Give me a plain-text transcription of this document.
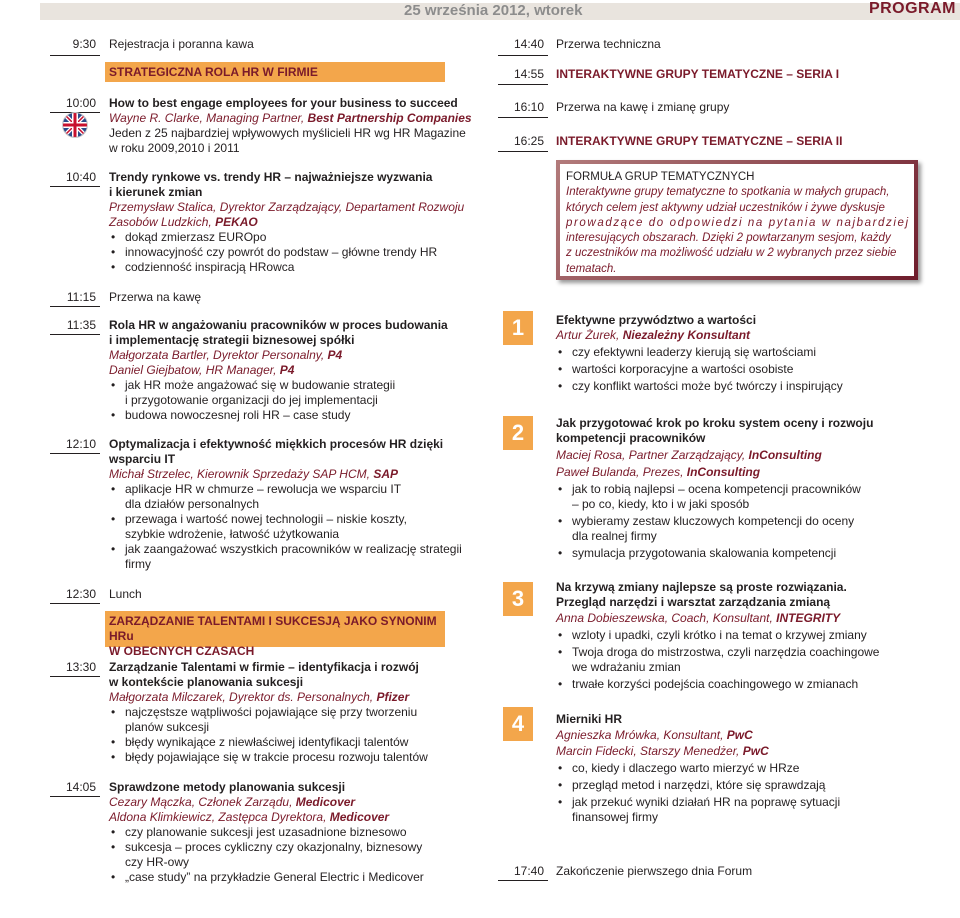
25 września 2012, wtorek	PROGRAM
9:30 Rejestracja i poranna kawa
STRATEGICZNA ROLA HR W FIRMIE
10:00 How to best engage employees for your business to succeed
Wayne R. Clarke, Managing Partner, Best Partnership Companies
Jeden z 25 najbardziej wpływowych myślicieli HR wg HR Magazine
w roku 2009,2010 i 2011
10:40 Trendy rynkowe vs. trendy HR – najważniejsze wyzwania
i kierunek zmian
Przemysław Stalica, Dyrektor Zarządzający, Departament Rozwoju
Zasobów Ludzkich, PEKAO
• dokąd zmierzasz EUROpo
• innowacyjność czy powrót do podstaw – główne trendy HR
• codzienność inspiracją HRowca
11:15 Przerwa na kawę
11:35 Rola HR w angażowaniu pracowników w proces budowania
i implementację strategii biznesowej spółki
Małgorzata Bartler, Dyrektor Personalny, P4
Daniel Giejbatow, HR Manager, P4
• jak HR może angażować się w budowanie strategii
i przygotowanie organizacji do jej implementacji
• budowa nowoczesnej roli HR – case study
12:10 Optymalizacja i efektywność miękkich procesów HR dzięki
wsparciu IT
Michał Strzelec, Kierownik Sprzedaży SAP HCM, SAP
• aplikacje HR w chmurze – rewolucja we wsparciu IT
dla działów personalnych
• przewaga i wartość nowej technologii – niskie koszty,
szybkie wdrożenie, łatwość użytkowania
• jak zaangażować wszystkich pracowników w realizację strategii
firmy
12:30 Lunch
ZARZĄDZANIE TALENTAMI I SUKCESJĄ JAKO SYNONIM HRu
W OBECNYCH CZASACH
13:30 Zarządzanie Talentami w firmie – identyfikacja i rozwój
w kontekście planowania sukcesji
Małgorzata Milczarek, Dyrektor ds. Personalnych, Pfizer
• najczęstsze wątpliwości pojawiające się przy tworzeniu
planów sukcesji
• błędy wynikające z niewłaściwej identyfikacji talentów
• błędy pojawiające się w trakcie procesu rozwoju talentów
14:05 Sprawdzone metody planowania sukcesji
Cezary Mączka, Członek Zarządu, Medicover
Aldona Klimkiewicz, Zastępca Dyrektora, Medicover
• czy planowanie sukcesji jest uzasadnione biznesowo
• sukcesja – proces cykliczny czy okazjonalny, biznesowy
czy HR-owy
• „case study” na przykładzie General Electric i Medicover
14:40 Przerwa techniczna
14:55 INTERAKTYWNE GRUPY TEMATYCZNE – SERIA I
16:10 Przerwa na kawę i zmianę grupy
16:25 INTERAKTYWNE GRUPY TEMATYCZNE – SERIA II
FORMUŁA GRUP TEMATYCZNYCH
Interaktywne grupy tematyczne to spotkania w małych grupach,
których celem jest aktywny udział uczestników i żywe dyskusje
prowadzące do odpowiedzi na pytania w najbardziej
interesujących obszarach. Dzięki 2 powtarzanym sesjom, każdy
z uczestników ma możliwość udziału w 2 wybranych przez siebie
tematach.
1	Efektywne przywództwo a wartości
Artur Żurek, Niezależny Konsultant
• czy efektywni leaderzy kierują się wartościami
• wartości korporacyjne a wartości osobiste
• czy konflikt wartości może być twórczy i inspirujący
2	Jak przygotować krok po kroku system oceny i rozwoju
kompetencji pracowników
Maciej Rosa, Partner Zarządzający, InConsulting
Paweł Bulanda, Prezes, InConsulting
• jak to robią najlepsi – ocena kompetencji pracowników
– po co, kiedy, kto i w jaki sposób
• wybieramy zestaw kluczowych kompetencji do oceny
dla realnej firmy
• symulacja przygotowania skalowania kompetencji
3	Na krzywą zmiany najlepsze są proste rozwiązania.
Przegląd narzędzi i warsztat zarządzania zmianą
Anna Dobieszewska, Coach, Konsultant, INTEGRITY
• wzloty i upadki, czyli krótko i na temat o krzywej zmiany
• Twoja droga do mistrzostwa, czyli narzędzia coachingowe
we wdrażaniu zmian
• trwałe korzyści podejścia coachingowego w zmianach
4	Mierniki HR
Agnieszka Mrówka, Konsultant, PwC
Marcin Fidecki, Starszy Menedżer, PwC
• co, kiedy i dlaczego warto mierzyć w HRze
• przegląd metod i narzędzi, które się sprawdzają
• jak przekuć wyniki działań HR na poprawę sytuacji
finansowej firmy
17:40 Zakończenie pierwszego dnia Forum
